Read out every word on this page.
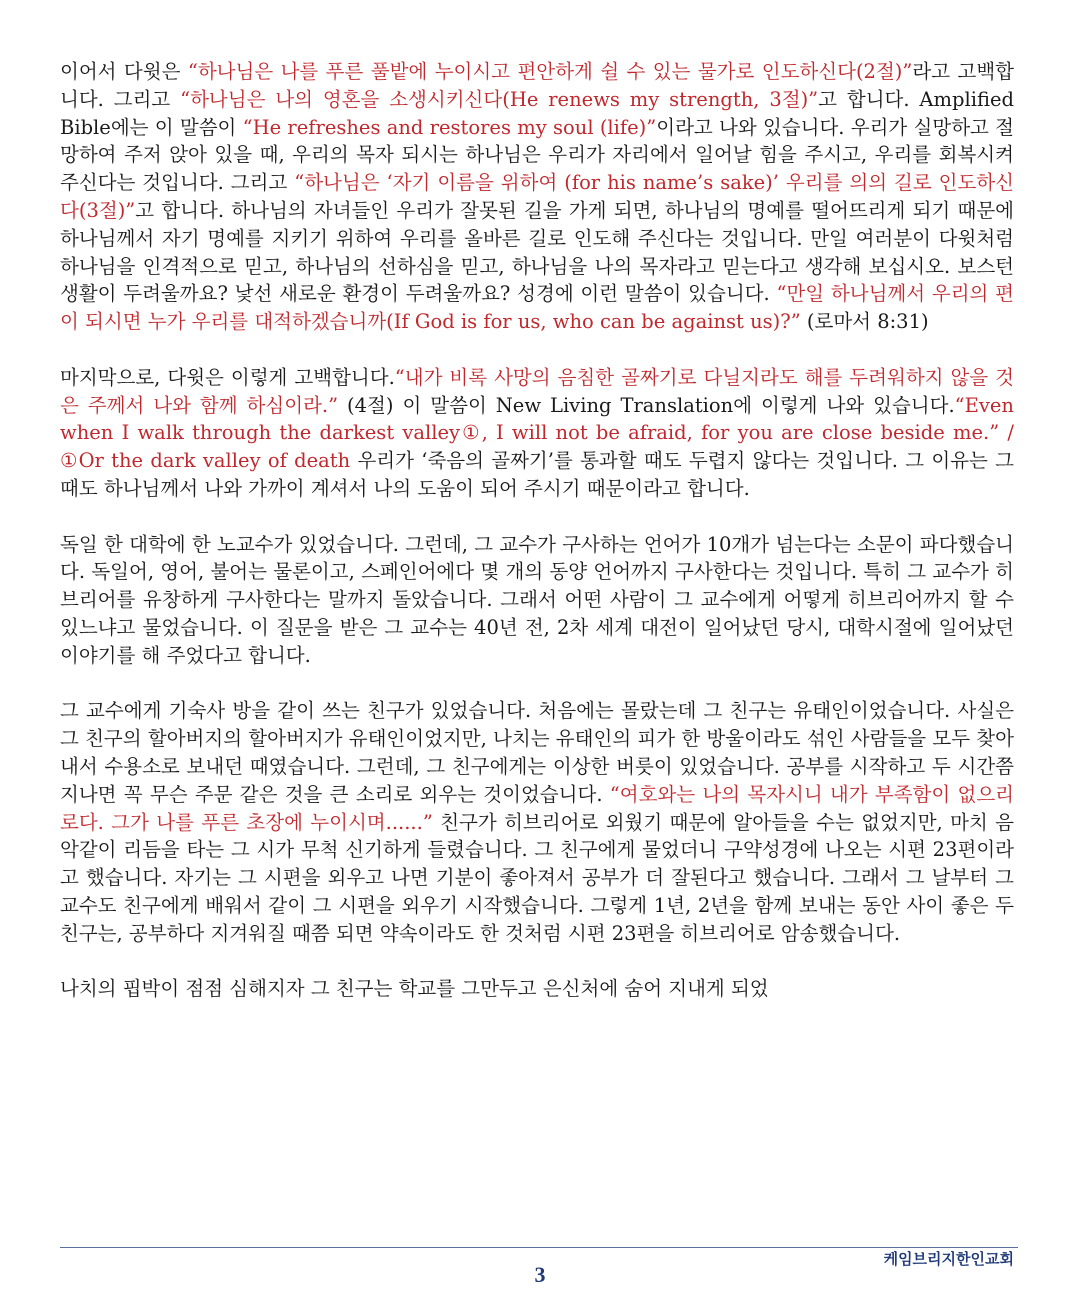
이어서 다윗은 “하나님은 나를 푸른 풀밭에 누이시고 편안하게 쉴 수 있는 물가로 인도하신다(2절)”라고 고백합니다. 그리고 “하나님은 나의 영혼을 소생시키신다(He renews my strength, 3절)”고 합니다. Amplified Bible에는 이 말씀이 “He refreshes and restores my soul (life)”이라고 나와 있습니다. 우리가 실망하고 절망하여 주저 앉아 있을 때, 우리의 목자 되시는 하나님은 우리가 자리에서 일어날 힘을 주시고, 우리를 회복시켜 주신다는 것입니다. 그리고 “하나님은 ‘자기 이름을 위하여 (for his name’s sake)’ 우리를 의의 길로 인도하신다(3절)”고 합니다. 하나님의 자녀들인 우리가 잘못된 길을 가게 되면, 하나님의 명예를 떨어뜨리게 되기 때문에 하나님께서 자기 명예를 지키기 위하여 우리를 올바른 길로 인도해 주신다는 것입니다. 만일 여러분이 다윗처럼 하나님을 인격적으로 믿고, 하나님의 선하심을 믿고, 하나님을 나의 목자라고 믿는다고 생각해 보십시오. 보스턴 생활이 두려울까요? 낯선 새로운 환경이 두려울까요? 성경에 이런 말씀이 있습니다. “만일 하나님께서 우리의 편이 되시면 누가 우리를 대적하겠습니까(If God is for us, who can be against us)?” (로마서 8:31)

마지막으로, 다윗은 이렇게 고백합니다.“내가 비록 사망의 음침한 골짜기로 다닐지라도 해를 두려워하지 않을 것은 주께서 나와 함께 하심이라.” (4절) 이 말씀이 New Living Translation에 이렇게 나와 있습니다.“Even when I walk through the darkest valley①, I will not be afraid, for you are close beside me.” / ①Or the dark valley of death 우리가 ‘죽음의 골짜기’를 통과할 때도 두렵지 않다는 것입니다. 그 이유는 그 때도 하나님께서 나와 가까이 계셔서 나의 도움이 되어 주시기 때문이라고 합니다.

독일 한 대학에 한 노교수가 있었습니다. 그런데, 그 교수가 구사하는 언어가 10개가 넘는다는 소문이 파다했습니다. 독일어, 영어, 불어는 물론이고, 스페인어에다 몇 개의 동양 언어까지 구사한다는 것입니다. 특히 그 교수가 히브리어를 유창하게 구사한다는 말까지 돌았습니다. 그래서 어떤 사람이 그 교수에게 어떻게 히브리어까지 할 수 있느냐고 물었습니다. 이 질문을 받은 그 교수는 40년 전, 2차 세계 대전이 일어났던 당시, 대학시절에 일어났던 이야기를 해 주었다고 합니다.

그 교수에게 기숙사 방을 같이 쓰는 친구가 있었습니다. 처음에는 몰랐는데 그 친구는 유태인이었습니다. 사실은 그 친구의 할아버지의 할아버지가 유태인이었지만, 나치는 유태인의 피가 한 방울이라도 섞인 사람들을 모두 찾아내서 수용소로 보내던 때였습니다. 그런데, 그 친구에게는 이상한 버릇이 있었습니다. 공부를 시작하고 두 시간쯤 지나면 꼭 무슨 주문 같은 것을 큰 소리로 외우는 것이었습니다. “여호와는 나의 목자시니 내가 부족함이 없으리로다. 그가 나를 푸른 초장에 누이시며......” 친구가 히브리어로 외웠기 때문에 알아들을 수는 없었지만, 마치 음악같이 리듬을 타는 그 시가 무척 신기하게 들렸습니다. 그 친구에게 물었더니 구약성경에 나오는 시편 23편이라고 했습니다. 자기는 그 시편을 외우고 나면 기분이 좋아져서 공부가 더 잘된다고 했습니다. 그래서 그 날부터 그 교수도 친구에게 배워서 같이 그 시편을 외우기 시작했습니다. 그렇게 1년, 2년을 함께 보내는 동안 사이 좋은 두 친구는, 공부하다 지겨워질 때쯤 되면 약속이라도 한 것처럼 시편 23편을 히브리어로 암송했습니다.

나치의 핍박이 점점 심해지자 그 친구는 학교를 그만두고 은신처에 숨어 지내게 되었

케임브리지한인교회
3
